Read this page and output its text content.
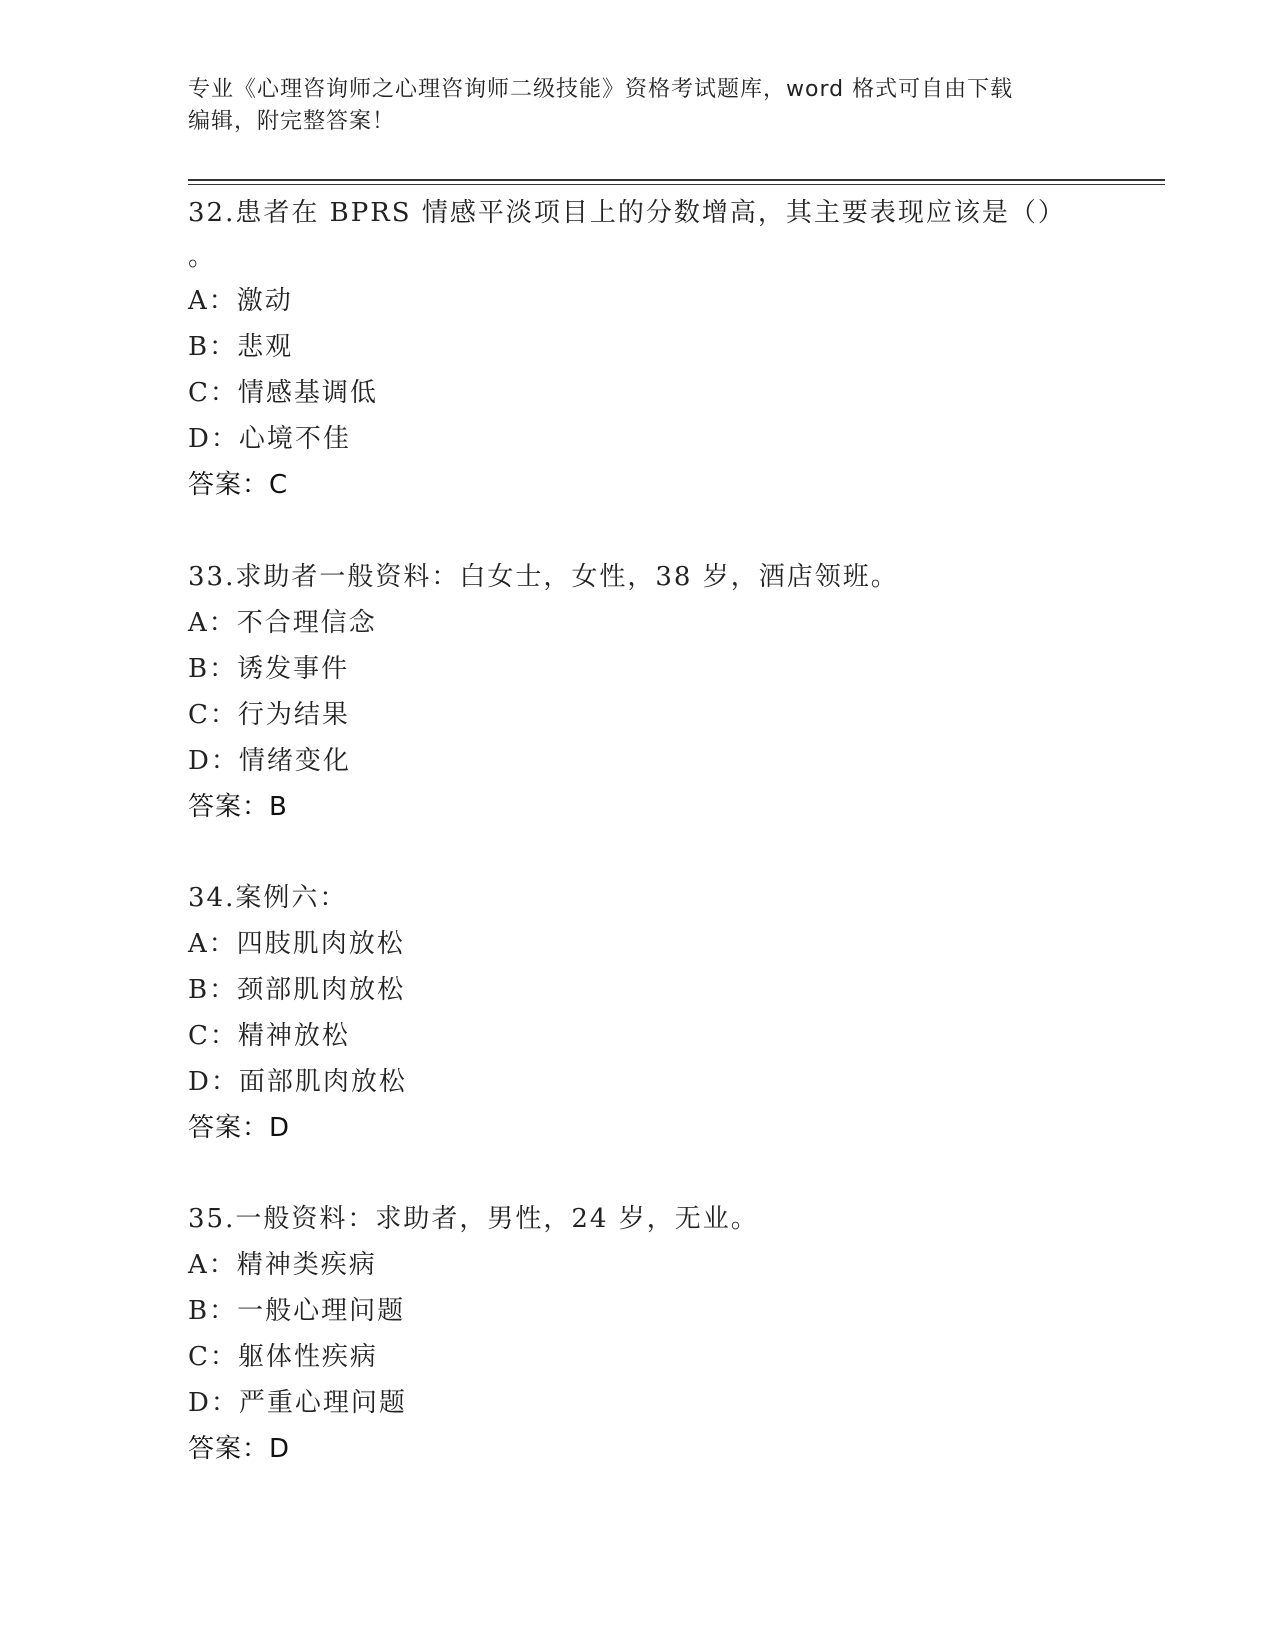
专业《心理咨询师之心理咨询师二级技能》资格考试题库，word 格式可自由下载
编辑，附完整答案！
32.患者在 BPRS 情感平淡项目上的分数增高，其主要表现应该是（）
。
A：激动
B：悲观
C：情感基调低
D：心境不佳
答案：C
33.求助者一般资料：白女士，女性，38 岁，酒店领班。
A：不合理信念
B：诱发事件
C：行为结果
D：情绪变化
答案：B
34.案例六：
A：四肢肌肉放松
B：颈部肌肉放松
C：精神放松
D：面部肌肉放松
答案：D
35.一般资料：求助者，男性，24 岁，无业。
A：精神类疾病
B：一般心理问题
C：躯体性疾病
D：严重心理问题
答案：D
